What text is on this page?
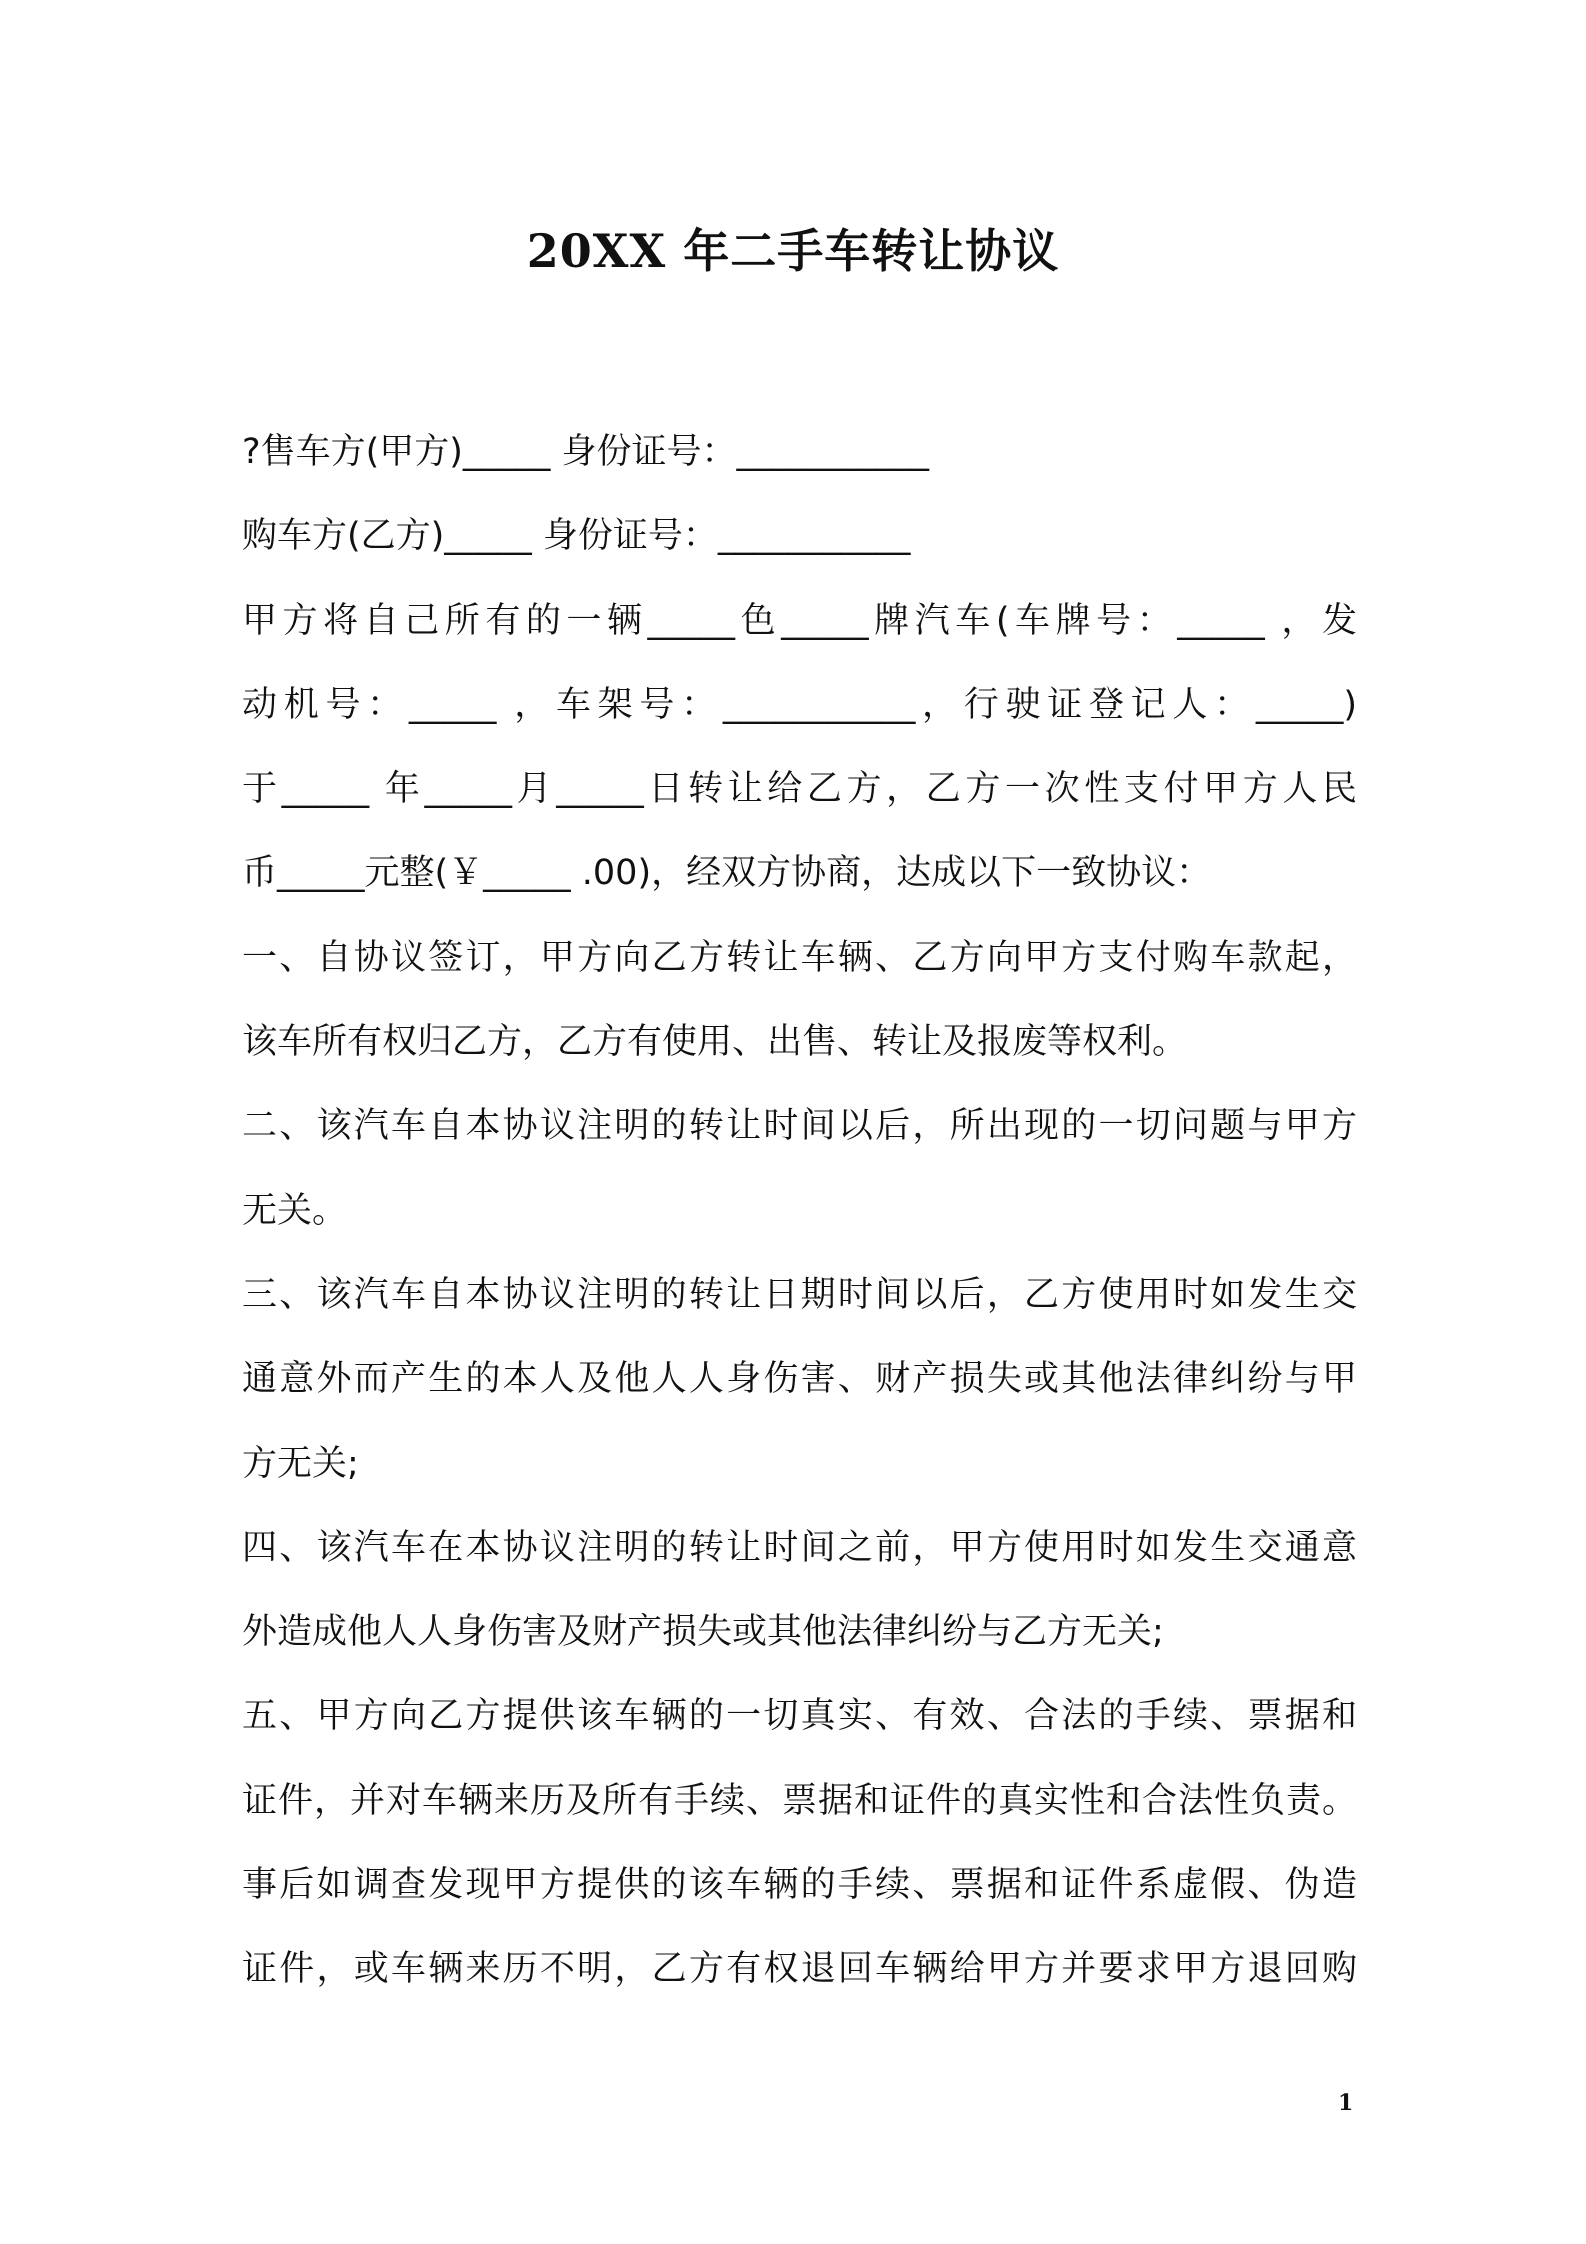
20XX 年二手车转让协议
?售车方(甲方)_____ 身份证号：___________
购车方(乙方)_____ 身份证号：___________
甲方将自己所有的一辆_____色_____牌汽车(车牌号：_____ ，发
动机号：_____ ，车架号：___________，行驶证登记人：_____)
于_____ 年_____月_____日转让给乙方，乙方一次性支付甲方人民
币_____元整(￥_____ .00)，经双方协商，达成以下一致协议：
一、自协议签订，甲方向乙方转让车辆、乙方向甲方支付购车款起，
该车所有权归乙方，乙方有使用、出售、转让及报废等权利。
二、该汽车自本协议注明的转让时间以后，所出现的一切问题与甲方
无关。
三、该汽车自本协议注明的转让日期时间以后，乙方使用时如发生交
通意外而产生的本人及他人人身伤害、财产损失或其他法律纠纷与甲
方无关;
四、该汽车在本协议注明的转让时间之前，甲方使用时如发生交通意
外造成他人人身伤害及财产损失或其他法律纠纷与乙方无关;
五、甲方向乙方提供该车辆的一切真实、有效、合法的手续、票据和
证件，并对车辆来历及所有手续、票据和证件的真实性和合法性负责。
事后如调查发现甲方提供的该车辆的手续、票据和证件系虚假、伪造
证件，或车辆来历不明，乙方有权退回车辆给甲方并要求甲方退回购
1
